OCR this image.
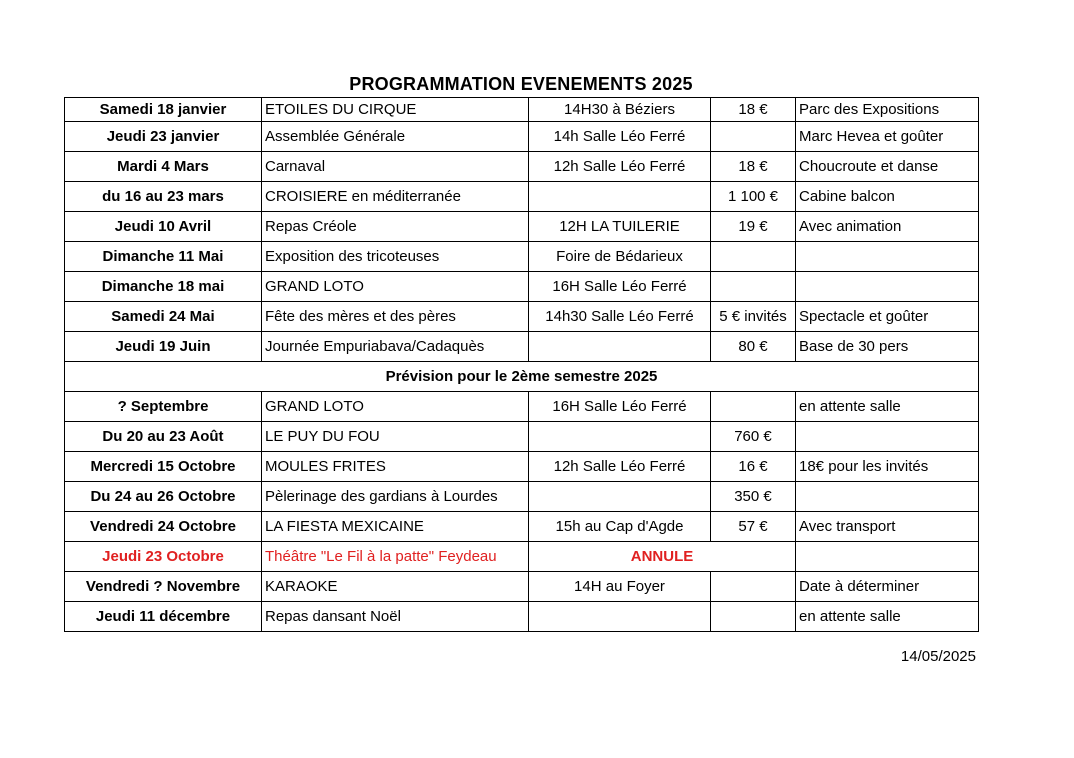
PROGRAMMATION EVENEMENTS 2025
Samedi 18 janvier	ETOILES DU CIRQUE	14H30 à Béziers	18 €	Parc des Expositions
Jeudi 23 janvier	Assemblée Générale	14h Salle Léo Ferré		Marc Hevea et goûter
Mardi 4 Mars	Carnaval	12h Salle Léo Ferré	18 €	Choucroute et danse
du 16 au 23 mars	CROISIERE en méditerranée		1 100 €	Cabine balcon
Jeudi 10 Avril	Repas Créole	12H LA TUILERIE	19 €	Avec animation
Dimanche 11 Mai	Exposition des tricoteuses	Foire de Bédarieux		
Dimanche 18 mai	GRAND LOTO	16H Salle Léo Ferré		
Samedi 24 Mai	Fête des mères et des pères	14h30 Salle Léo Ferré	5 € invités	Spectacle et goûter
Jeudi 19 Juin	Journée Empuriabava/Cadaquès		80 €	Base de 30 pers
Prévision pour le 2ème semestre 2025				
? Septembre	GRAND LOTO	16H Salle Léo Ferré		en attente salle
Du 20 au 23 Août	LE PUY DU FOU		760 €	
Mercredi 15 Octobre	MOULES FRITES	12h Salle Léo Ferré	16 €	18€ pour les invités
Du 24 au 26 Octobre	Pèlerinage des gardians à Lourdes		350 €	
Vendredi 24 Octobre	LA FIESTA MEXICAINE	15h au Cap d'Agde	57 €	Avec transport
Jeudi 23 Octobre	Théâtre "Le Fil à la patte" Feydeau	ANNULE		
Vendredi ? Novembre	KARAOKE	14H au Foyer		Date à déterminer
Jeudi 11 décembre	Repas dansant Noël			en attente salle
14/05/2025
